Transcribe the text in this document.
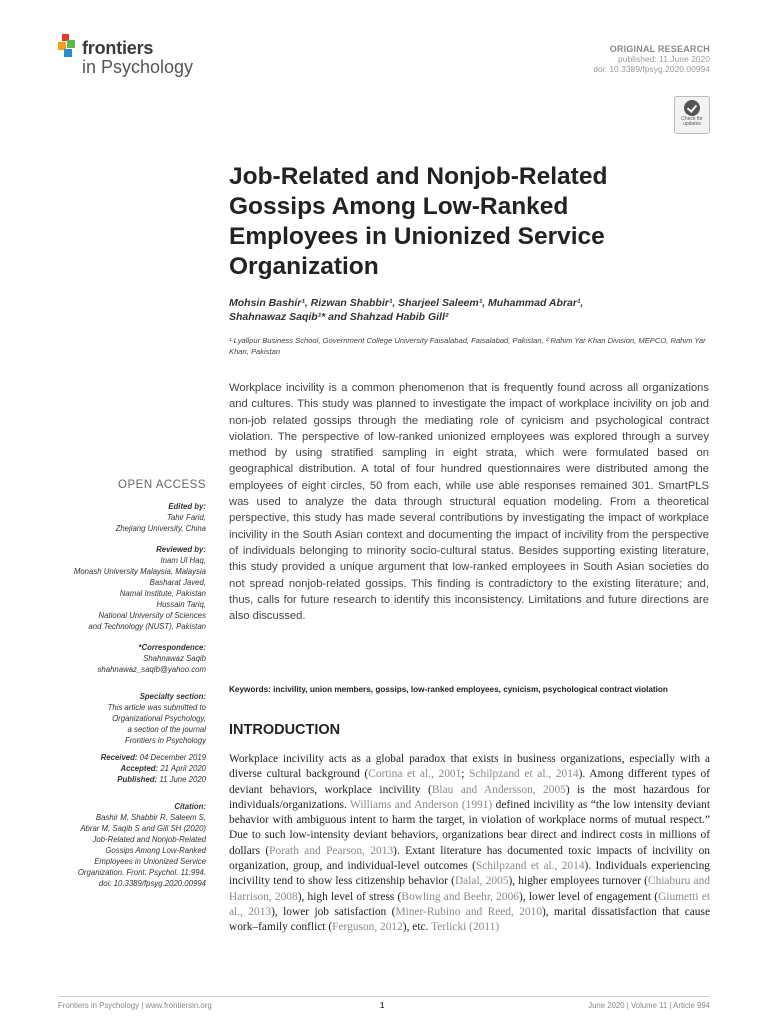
frontiers
in Psychology
ORIGINAL RESEARCH
published: 11 June 2020
doi: 10.3389/fpsyg.2020.00994
Check for updates
Job-Related and Nonjob-Related Gossips Among Low-Ranked Employees in Unionized Service Organization
Mohsin Bashir¹, Rizwan Shabbir¹, Sharjeel Saleem¹, Muhammad Abrar¹,
Shahnawaz Saqib¹* and Shahzad Habib Gill²
¹ Lyallpur Business School, Government College University Faisalabad, Faisalabad, Pakistan, ² Rahim Yar Khan Division, MEPCO, Rahim Yar Khan, Pakistan
Workplace incivility is a common phenomenon that is frequently found across all organizations and cultures. This study was planned to investigate the impact of workplace incivility on job and non-job related gossips through the mediating role of cynicism and psychological contract violation. The perspective of low-ranked unionized employees was explored through a survey method by using stratified sampling in eight strata, which were formulated based on geographical distribution. A total of four hundred questionnaires were distributed among the employees of eight circles, 50 from each, while use able responses remained 301. SmartPLS was used to analyze the data through structural equation modeling. From a theoretical perspective, this study has made several contributions by investigating the impact of workplace incivility in the South Asian context and documenting the impact of incivility from the perspective of individuals belonging to minority socio-cultural status. Besides supporting existing literature, this study provided a unique argument that low-ranked employees in South Asian societies do not spread nonjob-related gossips. This finding is contradictory to the existing literature; and, thus, calls for future research to identify this inconsistency. Limitations and future directions are also discussed.
Keywords: incivility, union members, gossips, low-ranked employees, cynicism, psychological contract violation
INTRODUCTION
Workplace incivility acts as a global paradox that exists in business organizations, especially with a diverse cultural background (Cortina et al., 2001; Schilpzand et al., 2014). Among different types of deviant behaviors, workplace incivility (Blau and Andersson, 2005) is the most hazardous for individuals/organizations. Williams and Anderson (1991) defined incivility as “the low intensity deviant behavior with ambiguous intent to harm the target, in violation of workplace norms of mutual respect.” Due to such low-intensity deviant behaviors, organizations bear direct and indirect costs in millions of dollars (Porath and Pearson, 2013). Extant literature has documented toxic impacts of incivility on organization, group, and individual-level outcomes (Schilpzand et al., 2014). Individuals experiencing incivility tend to show less citizenship behavior (Dalal, 2005), higher employees turnover (Chiaburu and Harrison, 2008), high level of stress (Bowling and Beehr, 2006), lower level of engagement (Giumetti et al., 2013), lower job satisfaction (Miner-Rubino and Reed, 2010), marital dissatisfaction that cause work–family conflict (Ferguson, 2012), etc. Terlicki (2011)
OPEN ACCESS
Edited by:
Tahir Farid,
Zhejiang University, China
Reviewed by:
Inam Ul Haq,
Monash University Malaysia, Malaysia
Basharat Javed,
Namal Institute, Pakistan
Hussain Tariq,
National University of Sciences
and Technology (NUST), Pakistan
*Correspondence:
Shahnawaz Saqib
shahnawaz_saqib@yahoo.com
Specialty section:
This article was submitted to
Organizational Psychology,
a section of the journal
Frontiers in Psychology
Received: 04 December 2019
Accepted: 21 April 2020
Published: 11 June 2020
Citation:
Bashir M, Shabbir R, Saleem S,
Abrar M, Saqib S and Gill SH (2020)
Job-Related and Nonjob-Related
Gossips Among Low-Ranked
Employees in Unionized Service
Organization. Front. Psychol. 11:994.
doi: 10.3389/fpsyg.2020.00994
Frontiers in Psychology | www.frontiersin.org	1	June 2020 | Volume 11 | Article 994
